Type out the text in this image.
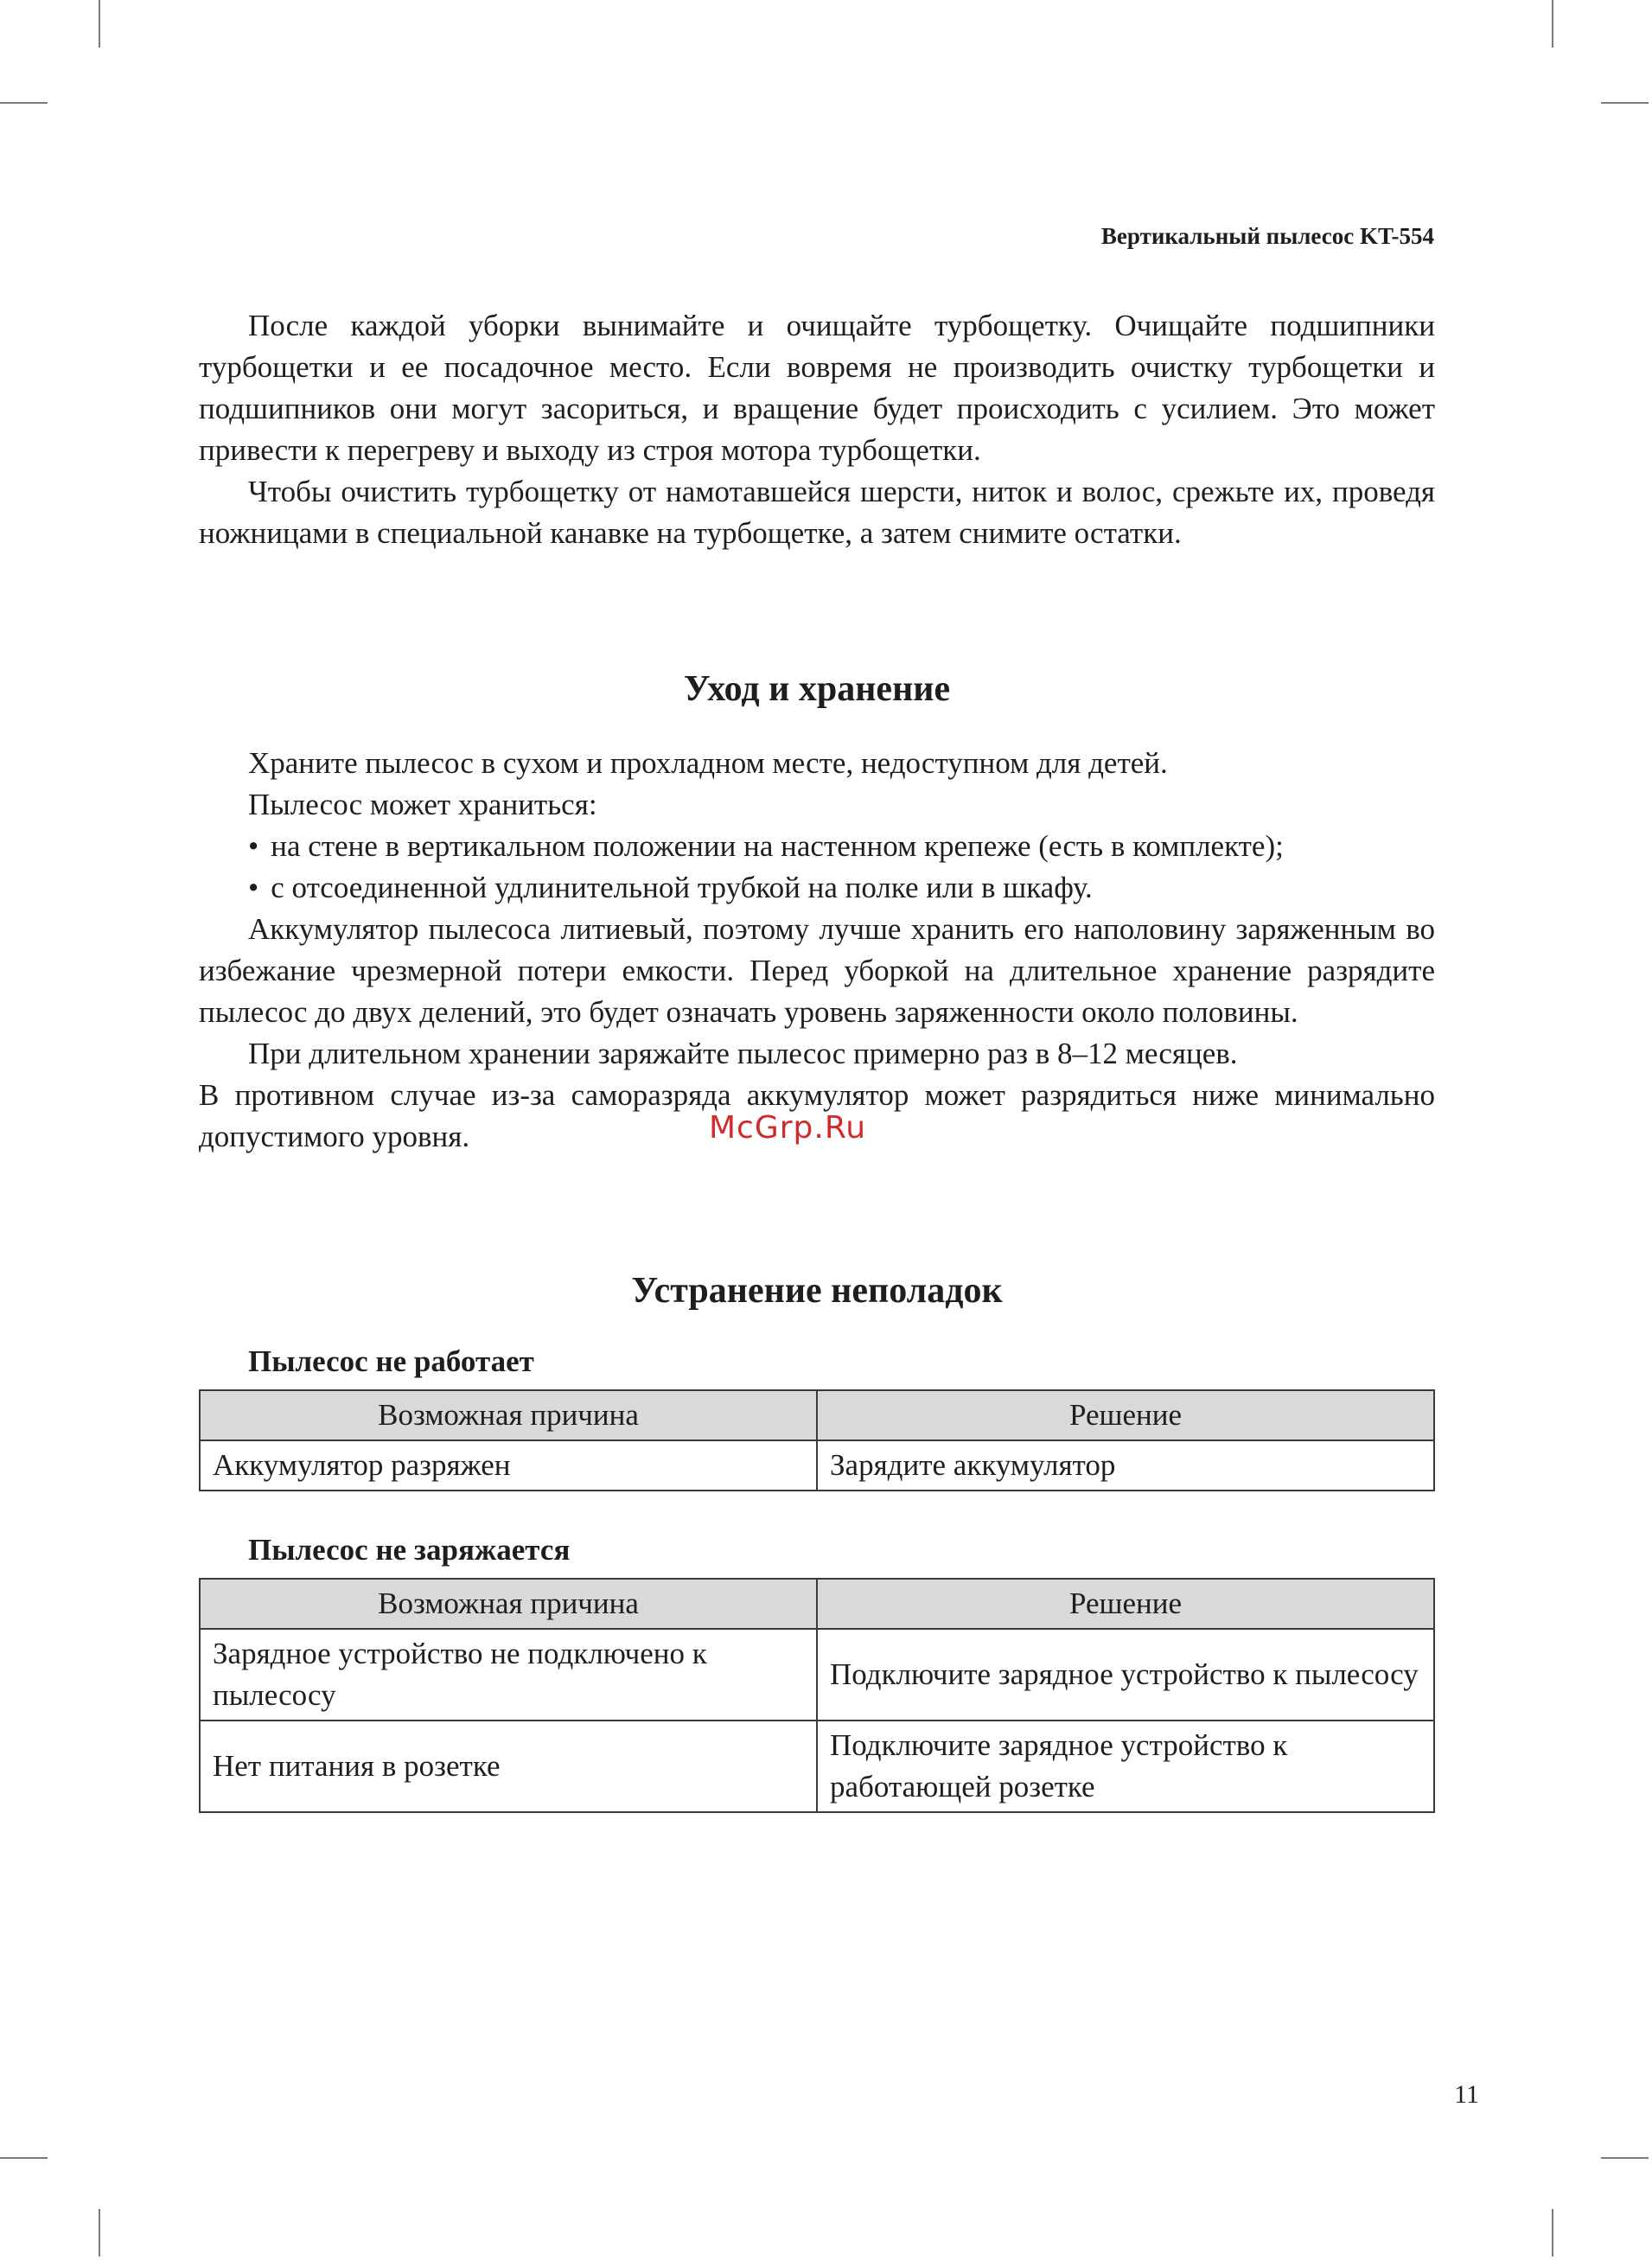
Вертикальный пылесос KT-554

После каждой уборки вынимайте и очищайте турбощетку. Очищайте подшипники турбощетки и ее посадочное место. Если вовремя не производить очистку турбощетки и подшипников они могут засориться, и вращение будет происходить с усилием. Это может привести к перегреву и выходу из строя мотора турбощетки.

Чтобы очистить турбощетку от намотавшейся шерсти, ниток и волос, срежьте их, проведя ножницами в специальной канавке на турбощетке, а затем снимите остатки.

Уход и хранение

Храните пылесос в сухом и прохладном месте, недоступном для детей.

Пылесос может храниться:

• на стене в вертикальном положении на настенном крепеже (есть в комплекте);

• с отсоединенной удлинительной трубкой на полке или в шкафу.

Аккумулятор пылесоса литиевый, поэтому лучше хранить его наполовину заряженным во избежание чрезмерной потери емкости. Перед уборкой на длительное хранение разрядите пылесос до двух делений, это будет означать уровень заряженности около половины.

При длительном хранении заряжайте пылесос примерно раз в 8–12 месяцев.

В противном случае из-за саморазряда аккумулятор может разрядиться ниже минимально допустимого уровня.

Устранение неполадок

Пылесос не работает

Возможная причина	Решение
Аккумулятор разряжен	Зарядите аккумулятор

Пылесос не заряжается

Возможная причина	Решение
Зарядное устройство не подключено к пылесосу	Подключите зарядное устройство к пылесосу
Нет питания в розетке	Подключите зарядное устройство к работающей розетке
McGrp.Ru
11
